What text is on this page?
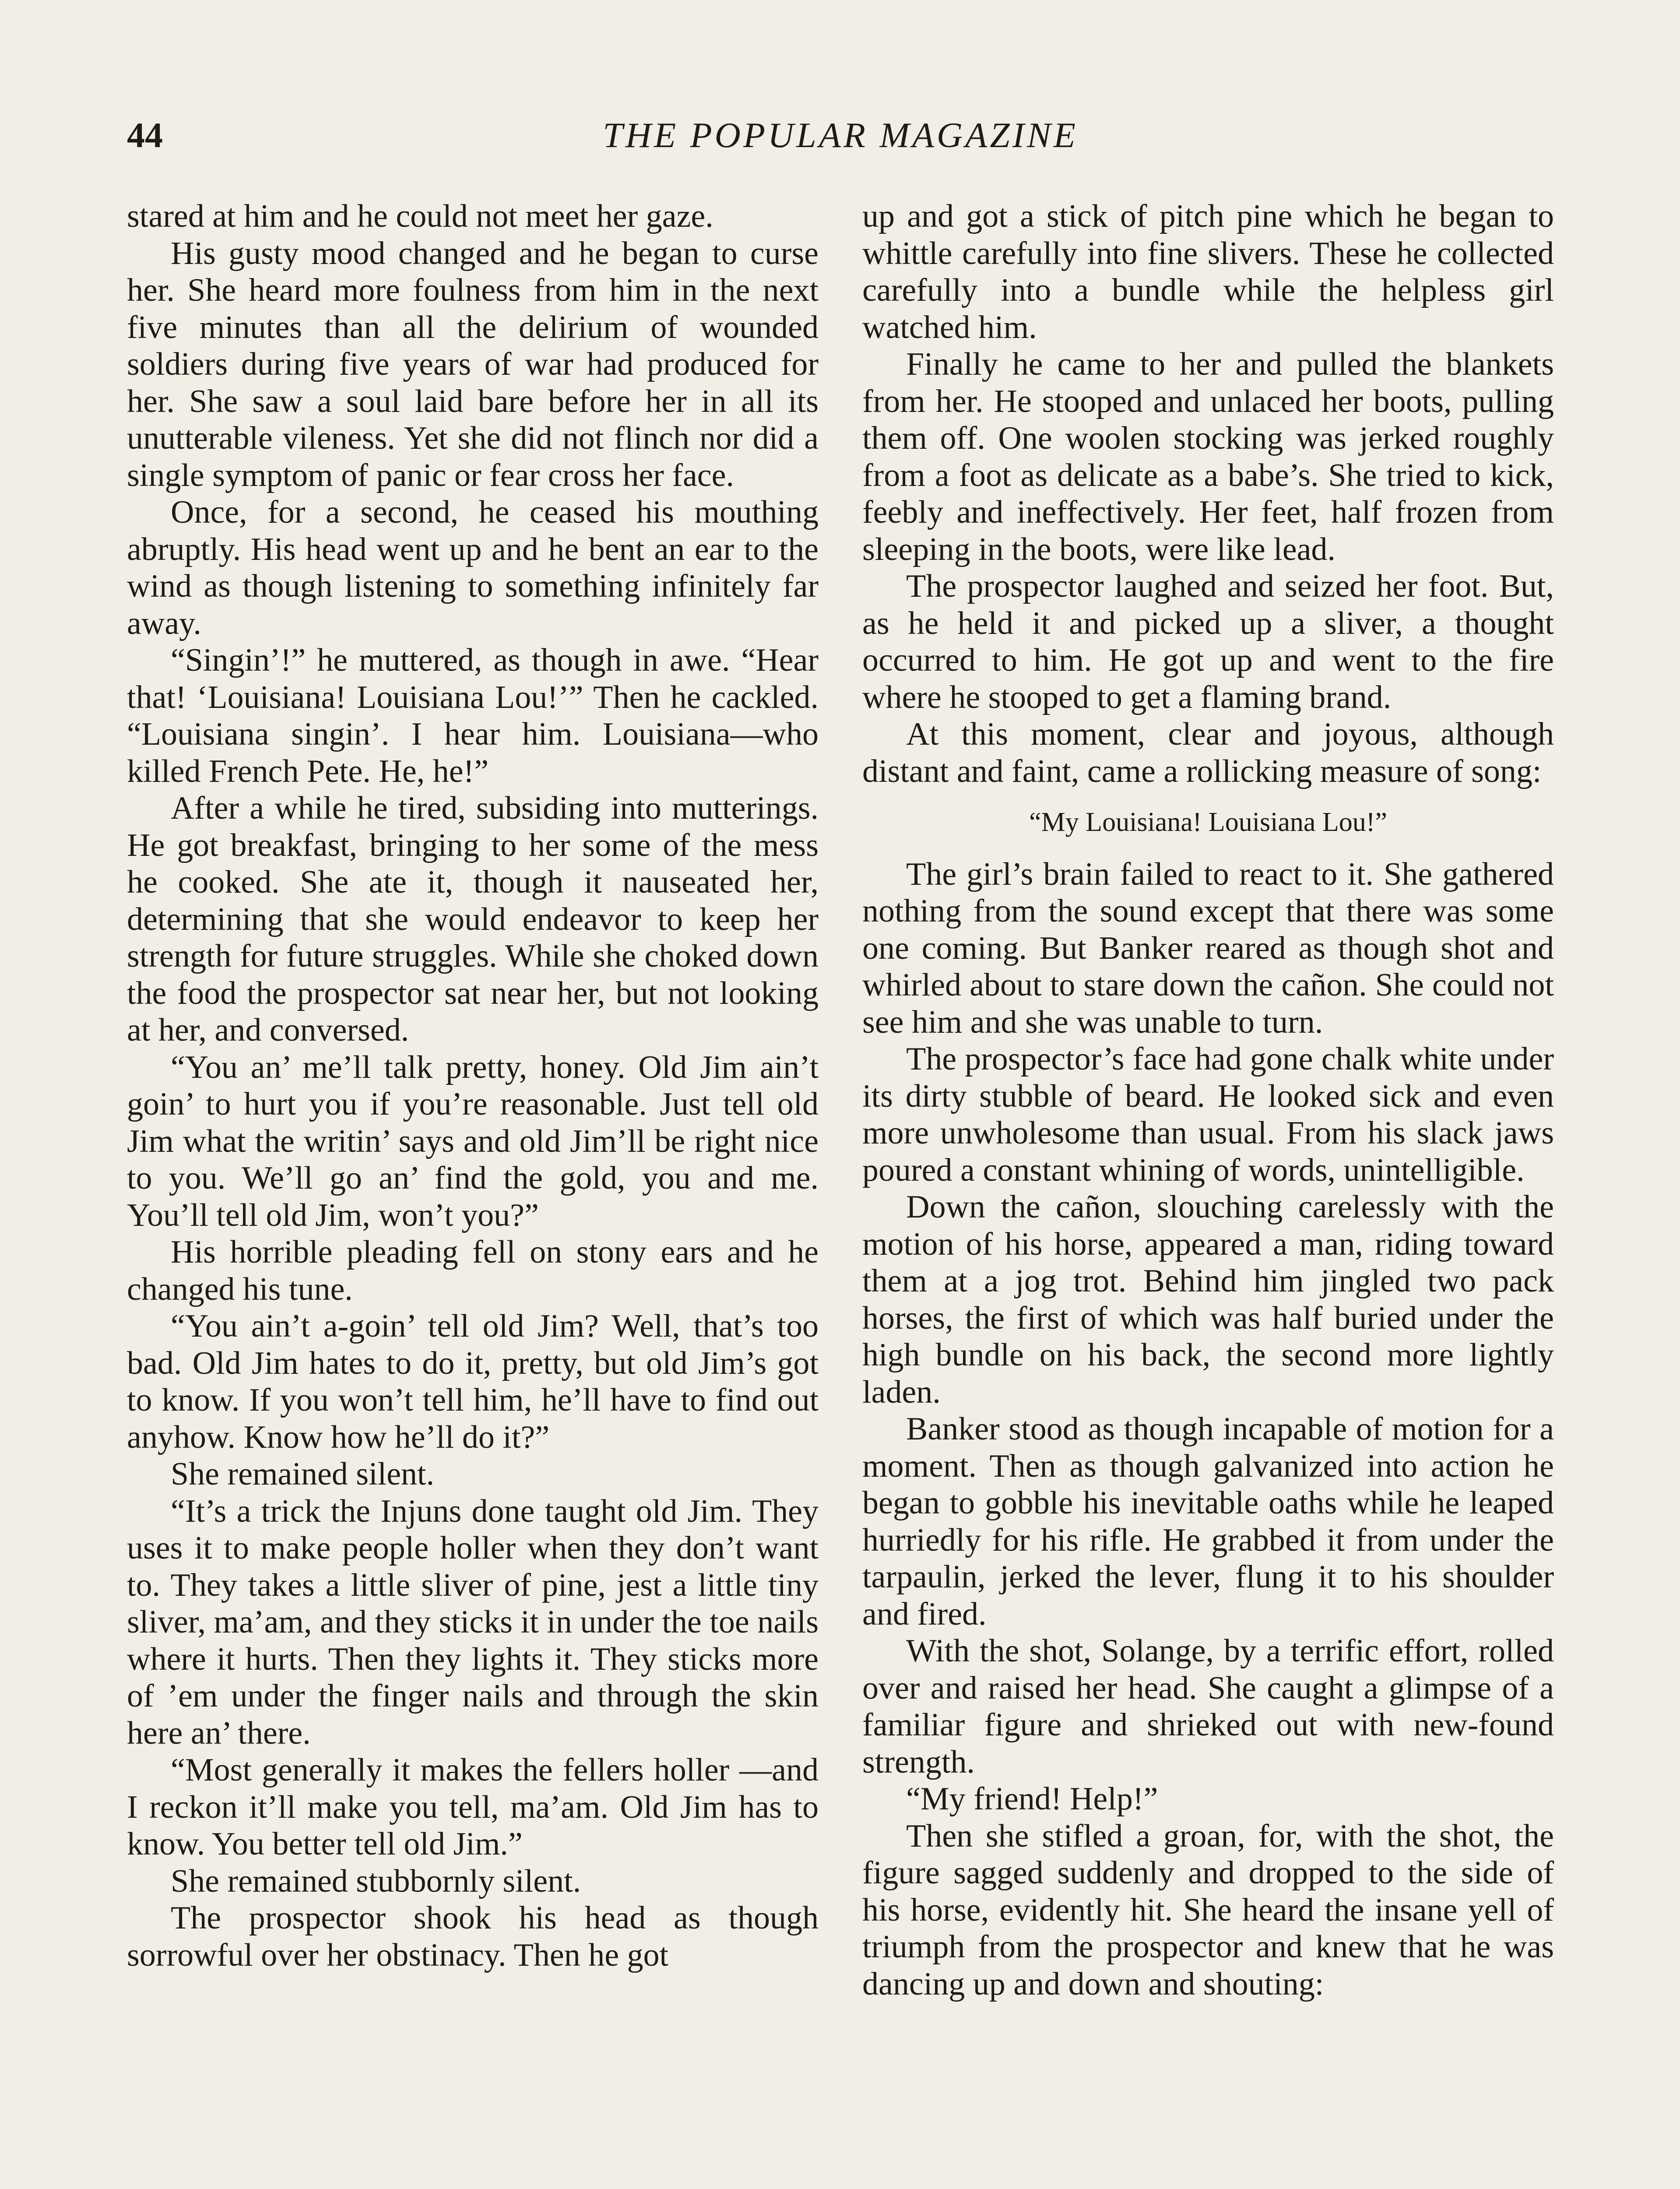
44	THE POPULAR MAGAZINE

stared at him and he could not meet her gaze.

His gusty mood changed and he began to curse her. She heard more foulness from him in the next five minutes than all the delirium of wounded soldiers during five years of war had produced for her. She saw a soul laid bare before her in all its unutterable vileness. Yet she did not flinch nor did a single symptom of panic or fear cross her face.

Once, for a second, he ceased his mouthing abruptly. His head went up and he bent an ear to the wind as though listening to something infinitely far away.

“Singin’!” he muttered, as though in awe. “Hear that! ‘Louisiana! Louisiana Lou!’” Then he cackled. “Louisiana singin’. I hear him. Louisiana—who killed French Pete. He, he!”

After a while he tired, subsiding into mutterings. He got breakfast, bringing to her some of the mess he cooked. She ate it, though it nauseated her, determining that she would endeavor to keep her strength for future struggles. While she choked down the food the prospector sat near her, but not looking at her, and conversed.

“You an’ me’ll talk pretty, honey. Old Jim ain’t goin’ to hurt you if you’re reasonable. Just tell old Jim what the writin’ says and old Jim’ll be right nice to you. We’ll go an’ find the gold, you and me. You’ll tell old Jim, won’t you?”

His horrible pleading fell on stony ears and he changed his tune.

“You ain’t a-goin’ tell old Jim? Well, that’s too bad. Old Jim hates to do it, pretty, but old Jim’s got to know. If you won’t tell him, he’ll have to find out anyhow. Know how he’ll do it?”

She remained silent.

“It’s a trick the Injuns done taught old Jim. They uses it to make people holler when they don’t want to. They takes a little sliver of pine, jest a little tiny sliver, ma’am, and they sticks it in under the toe nails where it hurts. Then they lights it. They sticks more of ’em under the finger nails and through the skin here an’ there.

“Most generally it makes the fellers holler —and I reckon it’ll make you tell, ma’am. Old Jim has to know. You better tell old Jim.”

She remained stubbornly silent.

The prospector shook his head as though sorrowful over her obstinacy. Then he got

up and got a stick of pitch pine which he began to whittle carefully into fine slivers. These he collected carefully into a bundle while the helpless girl watched him.

Finally he came to her and pulled the blankets from her. He stooped and unlaced her boots, pulling them off. One woolen stocking was jerked roughly from a foot as delicate as a babe’s. She tried to kick, feebly and ineffectively. Her feet, half frozen from sleeping in the boots, were like lead.

The prospector laughed and seized her foot. But, as he held it and picked up a sliver, a thought occurred to him. He got up and went to the fire where he stooped to get a flaming brand.

At this moment, clear and joyous, although distant and faint, came a rollicking measure of song:

“My Louisiana! Louisiana Lou!”

The girl’s brain failed to react to it. She gathered nothing from the sound except that there was some one coming. But Banker reared as though shot and whirled about to stare down the cañon. She could not see him and she was unable to turn.

The prospector’s face had gone chalk white under its dirty stubble of beard. He looked sick and even more unwholesome than usual. From his slack jaws poured a constant whining of words, unintelligible.

Down the cañon, slouching carelessly with the motion of his horse, appeared a man, riding toward them at a jog trot. Behind him jingled two pack horses, the first of which was half buried under the high bundle on his back, the second more lightly laden.

Banker stood as though incapable of motion for a moment. Then as though galvanized into action he began to gobble his inevitable oaths while he leaped hurriedly for his rifle. He grabbed it from under the tarpaulin, jerked the lever, flung it to his shoulder and fired.

With the shot, Solange, by a terrific effort, rolled over and raised her head. She caught a glimpse of a familiar figure and shrieked out with new-found strength.

“My friend! Help!”

Then she stifled a groan, for, with the shot, the figure sagged suddenly and dropped to the side of his horse, evidently hit. She heard the insane yell of triumph from the prospector and knew that he was dancing up and down and shouting:
